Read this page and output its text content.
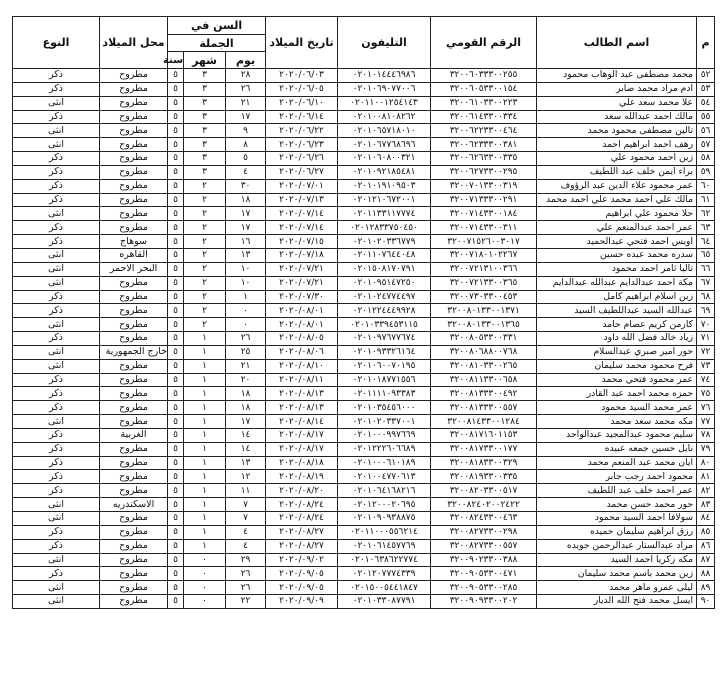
م	اسم الطالب	الرقم القومي	التليفون	تاريخ الميلاد	السن في			محل الميلاد	النوع
					الجملة				
					يوم	شهر	سنة		
٥٢	محمد مصطفى عبد الوهاب محمود	٣٢٠٠٦٠٣٣٣٠٠٢٥٥	٠٢٠١٠١٤٤٤٦٩٨٦	٢٠٢٠/٠٦/٠٣	٢٨	٣	٥	مطروح	ذكر
٥٣	ادم مراد محمد صابر	٣٢٠٠٦٠٥٣٣٠٠١٥٤	٠٢٠١٠٦٩٠٧٧٠٠٦	٢٠٢٠/٠٦/٠٥	٢٦	٣	٥	مطروح	ذكر
٥٤	علا محمد سعد علي	٣٢٠٠٦١٠٣٣٠٠٢٢٣	٠٢٠١١٠٠١٢٥٤١٤٣	٢٠٢٠/٠٦/١٠	٢١	٣	٥	مطروح	انثى
٥٥	مالك احمد عبدالله سعد	٣٢٠٠٦١٤٣٣٠٠٣٣٤	٠٢٠١٠٠٨١٠٨٢٦٢	٢٠٢٠/٠٦/١٤	١٧	٣	٥	مطروح	ذكر
٥٦	تالين مصطفى محمود محمد	٣٢٠٠٦٢٢٣٣٠٠٤٦٤	٠٢٠١٠٦٥٧١٨٠١٠	٢٠٢٠/٠٦/٢٢	٩	٣	٥	مطروح	انثى
٥٧	رهف احمد ابراهيم احمد	٣٢٠٠٦٢٣٣٣٠٠٣٨١	٠٢٠١٠٦٧٧٦٨٦٩٦	٢٠٢٠/٠٦/٢٣	٨	٣	٥	مطروح	انثى
٥٨	زين احمد محمود علي	٣٢٠٠٦٢٦٣٣٠٠٣٣٥	٠٢٠١٠٦٠٨٠٠٣٢١	٢٠٢٠/٠٦/٢٦	٥	٣	٥	مطروح	ذكر
٥٩	براء ايمن خلف عبد اللطيف	٣٢٠٠٦٢٧٣٣٠٠٢٩٥	٠٢٠١٠٩٢١٨٥٤٨١	٢٠٢٠/٠٦/٢٧	٤	٣	٥	مطروح	ذكر
٦٠	عمر محمود علاء الدين عبد الرؤوف	٣٢٠٠٧٠١٣٣٠٠٣١٩	٠٢٠١٠١٩١٠٩٥٠٣	٢٠٢٠/٠٧/٠١	٣٠	٢	٥	مطروح	ذكر
٦١	مالك علي احمد محمد علي احمد محمد	٣٢٠٠٧١٣٣٣٠٠٢٩١	٠٢٠١٢١٠٦٧٢٠٠١	٢٠٢٠/٠٧/١٣	١٨	٢	٥	مطروح	ذكر
٦٢	حلا محمود علي ابراهيم	٣٢٠٠٧١٤٣٣٠٠١٨٤	٠٢٠١١٣٣١١٧٧٧٤	٢٠٢٠/٠٧/١٤	١٧	٢	٥	مطروح	انثى
٦٣	عمر احمد عبدالمنعم علي	٣٢٠٠٧١٤٣٣٠٠٣١١	٠٢٠١٢٨٣٣٧٥٠٤٥٠	٢٠٢٠/٠٧/١٤	١٧	٢	٥	مطروح	ذكر
٦٤	اويس احمد فتحي عبدالحميد	٣٢٠٠٧١٥٢٦٠٠٣٠١٧	٠٢٠١٠٢٠٣٣٦٧٧٩	٢٠٢٠/٠٧/١٥	١٦	٢	٥	سوهاج	ذكر
٦٥	سدره محمد عبده حسين	٣٢٠٠٧١٨٠١٠٢٢٦٧	٠٢٠١١٠٧٦٤٤٠٤٨	٢٠٢٠/٠٧/١٨	١٣	٢	٥	القاهره	انثى
٦٦	تاليا ثامر احمد محمود	٣٢٠٠٧٢١٣١٠٠٣٦٦	٠٢٠١٥٠٨١٧٠٧٩١	٢٠٢٠/٠٧/٢١	١٠	٢	٥	البحر الاحمر	انثى
٦٧	مكة احمد عبدالدايم عبدالله عبدالدايم	٣٢٠٠٧٢١٣٣٠٠٣٦٥	٠٢٠١٠٩٥١٤٧٢٥٠	٢٠٢٠/٠٧/٢١	١٠	٢	٥	مطروح	انثى
٦٨	زين اسلام ابراهيم كامل	٣٢٠٠٧٣٠٣٣٠٠٤٥٣	٠٢٠١٠٢٤٧٧٤٤٩٧	٢٠٢٠/٠٧/٣٠	١	٢	٥	مطروح	ذكر
٦٩	عبدالله السيد عبداللطيف السيد	٣٢٠٠٨٠١٣٣٠٠١٣٧١	٠٢٠١٢٢٤٤٤٩٩٢٨	٢٠٢٠/٠٨/٠١	٠	٢	٥	مطروح	ذكر
٧٠	كارمن كريم عصام حامد	٣٢٠٠٨٠١٣٣٠٠١٣٦٥	٠٢٠١٠٣٣٩٤٥٣١١٥	٢٠٢٠/٠٨/٠١	٠	٢	٥	مطروح	انثى
٧١	زياد خالد فضل الله داود	٣٢٠٠٨٠٥٣٣٠٠٣٣١	٠٢٠١٠٩٧٦٧٧٦٧٤	٢٠٢٠/٠٨/٠٥	٢٦	١	٥	مطروح	ذكر
٧٢	حور امير صبري عبدالسلام	٣٢٠٠٨٠٦٨٨٠٠٧٦٨	٠٢٠١٠٩٣٣٢٦١٦٤	٢٠٢٠/٠٨/٠٦	٢٥	١	٥	خارج الجمهورية	انثى
٧٣	فرح محمود محمد سليمان	٣٢٠٠٨١٠٣٣٠٠٢٦٥	٠٢٠١٠٦٠٠٧٠١٩٥	٢٠٢٠/٠٨/١٠	٢١	١	٥	مطروح	انثى
٧٤	عمر محمود فتحي محمد	٣٢٠٠٨١١٣٣٠٠٦٥٨	٠٢٠١٠١٨٧٧١٥٥٦	٢٠٢٠/٠٨/١١	٢٠	١	٥	مطروح	ذكر
٧٥	حمزه محمد احمد عبد القادر	٣٢٠٠٨١٣٣٣٠٠٤٩٢	٠٢٠١١١١٠٩٣٣٨٣	٢٠٢٠/٠٨/١٣	١٨	١	٥	مطروح	ذكر
٧٦	عمر محمد السيد محمود	٣٢٠٠٨١٣٣٣٠٠٥٥٧	٠٢٠١٠٣٥٤٥٦٠٠٠	٢٠٢٠/٠٨/١٣	١٨	١	٥	مطروح	ذكر
٧٧	مكه محمد سعد محمد	٣٢٠٠٨١٤٣٣٠٠١٢٨٤	٠٢٠١٠٢٠٣٣٧٠٠١	٢٠٢٠/٠٨/١٤	١٧	١	٥	مطروح	انثى
٧٨	سليم محمود عبدالمجيد عبدالواحد	٣٢٠٠٨١٧١٦٠١١٥٣	٠٢٠١٠٠٠٩٩٧٦٦٩	٢٠٢٠/٠٨/١٧	١٤	١	٥	الغربية	ذكر
٧٩	نايل حسين جمعه عبيده	٣٢٠٠٨١٧٣٣٠٠١٧٧	٠٢٠١٢٢٢٦٠٦٦٨٩	٢٠٢٠/٠٨/١٧	١٤	١	٥	مطروح	ذكر
٨٠	ايان محمد عبد المنعم محمد	٣٢٠٠٨١٨٣٣٠٠٣٢٩	٠٢٠١٠٠٠٦١٠١٨٩	٢٠٢٠/٠٨/١٨	١٣	١	٥	مطروح	ذكر
٨١	محمود احمد رجب جابر	٣٢٠٠٨١٩٣٣٠٠٣٣٥	٠٢٠١٠٠٤٧٧٠٦١٣	٢٠٢٠/٠٨/١٩	١٢	١	٥	مطروح	ذكر
٨٢	عمر احمد خلف عبد اللطيف	٣٢٠٠٨٢٠٣٣٠٠٥١٧	٠٢٠١٠٦٤١٦٨٢١٦	٢٠٢٠/٠٨/٢٠	١١	١	٥	مطروح	ذكر
٨٣	حور محمد حسن محمد	٣٢٠٠٨٢٤٠٢٠٠٢٤٢٢	٠٢٠١٢٠٠٠٢٠٦٩٥	٢٠٢٠/٠٨/٢٤	٧	١	٥	الاسكندريه	انثى
٨٤	سولافا احمد السيد محمود	٣٢٠٠٨٢٤٣٣٠٠٤٦٣	٠٢٠١٠٩٠٩٣٨٨٧٥	٢٠٢٠/٠٨/٢٤	٧	١	٥	مطروح	انثى
٨٥	رزق ابراهيم سليمان حميده	٣٢٠٠٨٢٧٣٣٠٠٢٩٨	٠٢٠١١٠٠٠٥٥٦٢١٤	٢٠٢٠/٠٨/٢٧	٤	١	٥	مطروح	ذكر
٨٦	مراد عبدالستار عبدالرحمن جويده	٣٢٠٠٨٢٧٣٣٠٠٥٥٧	٠٢٠١٠٦١٤٥٧٧٦٩	٢٠٢٠/٠٨/٢٧	٤	١	٥	مطروح	ذكر
٨٧	مكه زكريا احمد السيد	٣٢٠٠٩٠٢٣٣٠٠٣٨٨	٠٢٠١٠٦٣٨٦٢٢٧٧٤	٢٠٢٠/٠٩/٠٢	٢٩	٠	٥	مطروح	انثى
٨٨	زين محمد باسم محمد سليمان	٣٢٠٠٩٠٥٣٣٠٠٤٧١	٠٢٠١٢٠٧٧٧٤٣٣٩	٢٠٢٠/٠٩/٠٥	٢٦	٠	٥	مطروح	ذكر
٨٩	ليلى عمرو ماهر محمد	٣٢٠٠٩٠٥٣٣٠٠٢٨٥	٠٢٠١٥٠٠٥٤٤١٨٤٧	٢٠٢٠/٠٩/٠٥	٢٦	٠	٥	مطروح	انثى
٩٠	ايسل محمد فتح الله الديار	٣٢٠٠٩٠٩٣٣٠٠٢٠٢	٠٢٠١٠٣٣٠٨٧٧٩١	٢٠٢٠/٠٩/٠٩	٢٢	٠	٥	مطروح	انثى
